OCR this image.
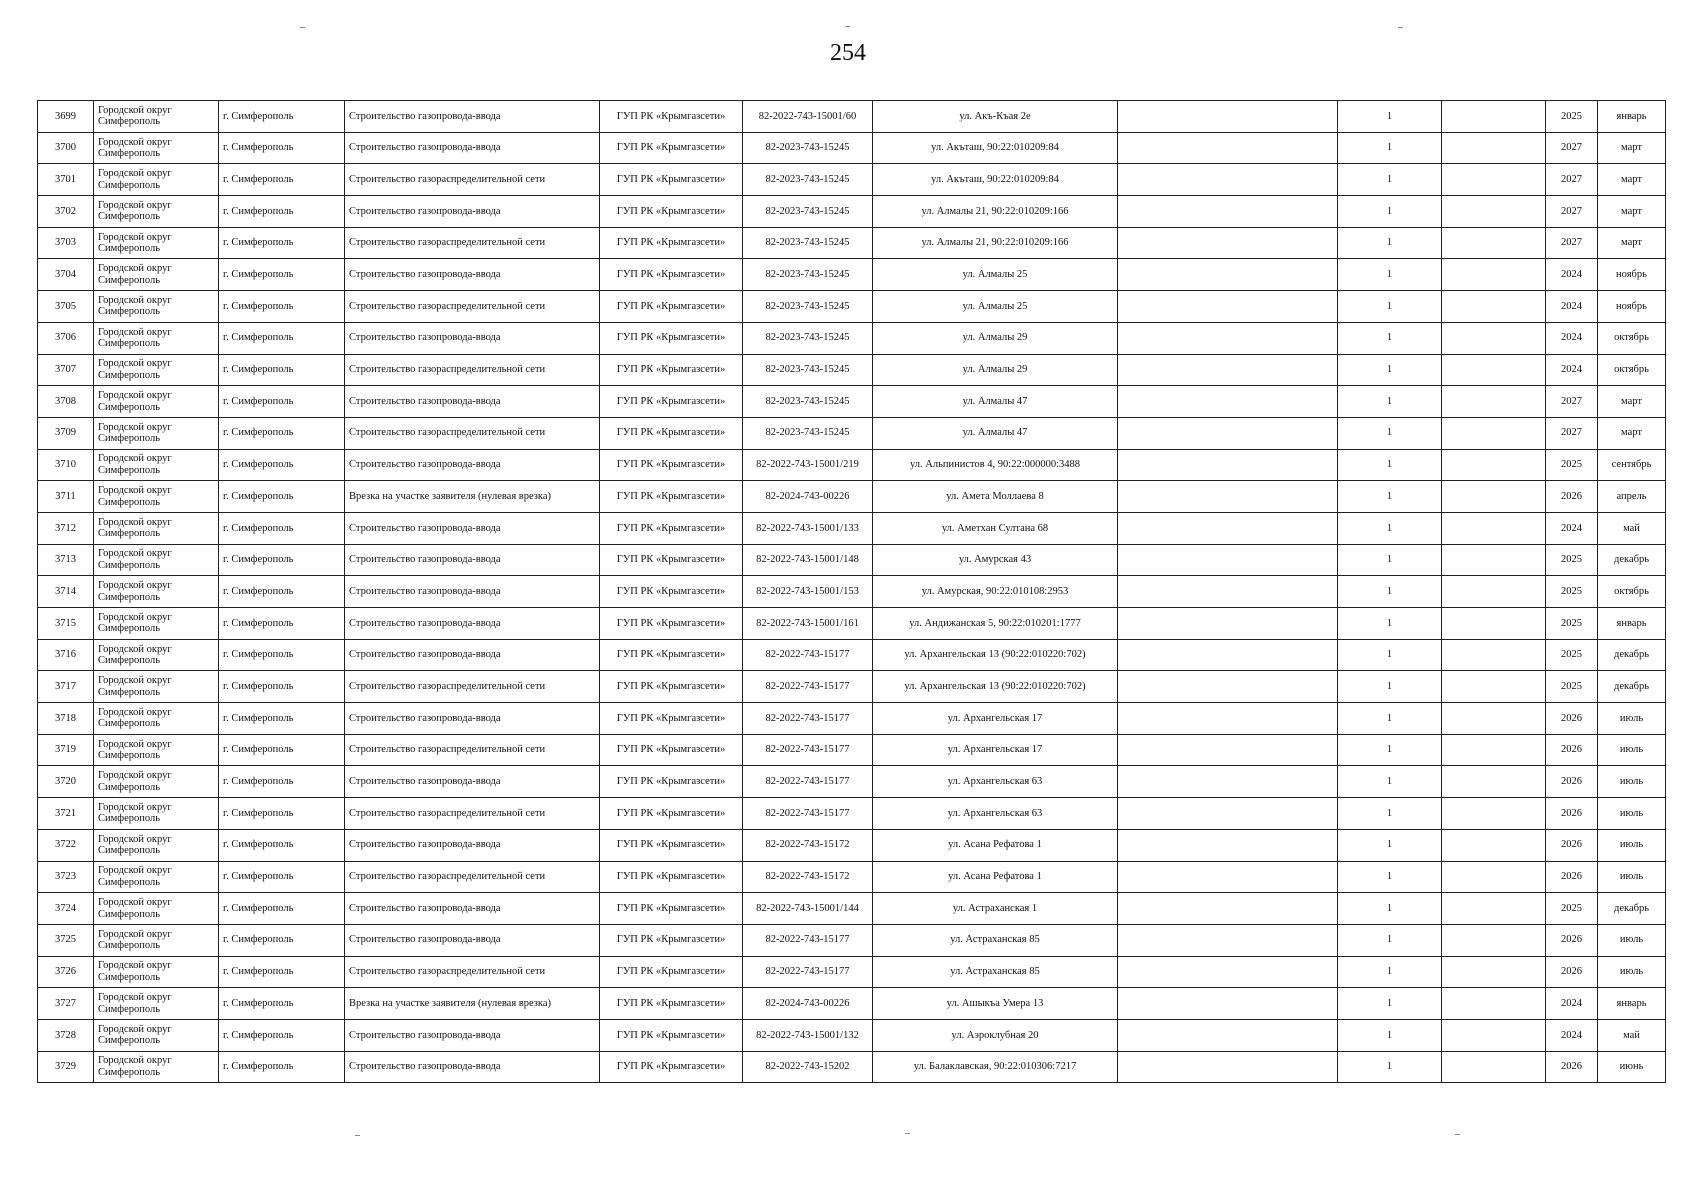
254
3699	Городской округ Симферополь	г. Симферополь	Строительство газопровода-ввода	ГУП РК «Крымгазсети»	82-2022-743-15001/60	ул. Акъ-Къая 2е		1		2025	январь
3700	Городской округ Симферополь	г. Симферополь	Строительство газопровода-ввода	ГУП РК «Крымгазсети»	82-2023-743-15245	ул. Акъташ, 90:22:010209:84		1		2027	март
3701	Городской округ Симферополь	г. Симферополь	Строительство газораспределительной сети	ГУП РК «Крымгазсети»	82-2023-743-15245	ул. Акъташ, 90:22:010209:84		1		2027	март
3702	Городской округ Симферополь	г. Симферополь	Строительство газопровода-ввода	ГУП РК «Крымгазсети»	82-2023-743-15245	ул. Алмалы 21, 90:22:010209:166		1		2027	март
3703	Городской округ Симферополь	г. Симферополь	Строительство газораспределительной сети	ГУП РК «Крымгазсети»	82-2023-743-15245	ул. Алмалы 21, 90:22:010209:166		1		2027	март
3704	Городской округ Симферополь	г. Симферополь	Строительство газопровода-ввода	ГУП РК «Крымгазсети»	82-2023-743-15245	ул. Алмалы 25		1		2024	ноябрь
3705	Городской округ Симферополь	г. Симферополь	Строительство газораспределительной сети	ГУП РК «Крымгазсети»	82-2023-743-15245	ул. Алмалы 25		1		2024	ноябрь
3706	Городской округ Симферополь	г. Симферополь	Строительство газопровода-ввода	ГУП РК «Крымгазсети»	82-2023-743-15245	ул. Алмалы 29		1		2024	октябрь
3707	Городской округ Симферополь	г. Симферополь	Строительство газораспределительной сети	ГУП РК «Крымгазсети»	82-2023-743-15245	ул. Алмалы 29		1		2024	октябрь
3708	Городской округ Симферополь	г. Симферополь	Строительство газопровода-ввода	ГУП РК «Крымгазсети»	82-2023-743-15245	ул. Алмалы 47		1		2027	март
3709	Городской округ Симферополь	г. Симферополь	Строительство газораспределительной сети	ГУП РК «Крымгазсети»	82-2023-743-15245	ул. Алмалы 47		1		2027	март
3710	Городской округ Симферополь	г. Симферополь	Строительство газопровода-ввода	ГУП РК «Крымгазсети»	82-2022-743-15001/219	ул. Альпинистов 4, 90:22:000000:3488		1		2025	сентябрь
3711	Городской округ Симферополь	г. Симферополь	Врезка на участке заявителя (нулевая врезка)	ГУП РК «Крымгазсети»	82-2024-743-00226	ул. Амета Моллаева 8		1		2026	апрель
3712	Городской округ Симферополь	г. Симферополь	Строительство газопровода-ввода	ГУП РК «Крымгазсети»	82-2022-743-15001/133	ул. Аметхан Султана 68		1		2024	май
3713	Городской округ Симферополь	г. Симферополь	Строительство газопровода-ввода	ГУП РК «Крымгазсети»	82-2022-743-15001/148	ул. Амурская 43		1		2025	декабрь
3714	Городской округ Симферополь	г. Симферополь	Строительство газопровода-ввода	ГУП РК «Крымгазсети»	82-2022-743-15001/153	ул. Амурская, 90:22:010108:2953		1		2025	октябрь
3715	Городской округ Симферополь	г. Симферополь	Строительство газопровода-ввода	ГУП РК «Крымгазсети»	82-2022-743-15001/161	ул. Андижанская 5, 90:22:010201:1777		1		2025	январь
3716	Городской округ Симферополь	г. Симферополь	Строительство газопровода-ввода	ГУП РК «Крымгазсети»	82-2022-743-15177	ул. Архангельская 13 (90:22:010220:702)		1		2025	декабрь
3717	Городской округ Симферополь	г. Симферополь	Строительство газораспределительной сети	ГУП РК «Крымгазсети»	82-2022-743-15177	ул. Архангельская 13 (90:22:010220:702)		1		2025	декабрь
3718	Городской округ Симферополь	г. Симферополь	Строительство газопровода-ввода	ГУП РК «Крымгазсети»	82-2022-743-15177	ул. Архангельская 17		1		2026	июль
3719	Городской округ Симферополь	г. Симферополь	Строительство газораспределительной сети	ГУП РК «Крымгазсети»	82-2022-743-15177	ул. Архангельская 17		1		2026	июль
3720	Городской округ Симферополь	г. Симферополь	Строительство газопровода-ввода	ГУП РК «Крымгазсети»	82-2022-743-15177	ул. Архангельская 63		1		2026	июль
3721	Городской округ Симферополь	г. Симферополь	Строительство газораспределительной сети	ГУП РК «Крымгазсети»	82-2022-743-15177	ул. Архангельская 63		1		2026	июль
3722	Городской округ Симферополь	г. Симферополь	Строительство газопровода-ввода	ГУП РК «Крымгазсети»	82-2022-743-15172	ул. Асана Рефатова 1		1		2026	июль
3723	Городской округ Симферополь	г. Симферополь	Строительство газораспределительной сети	ГУП РК «Крымгазсети»	82-2022-743-15172	ул. Асана Рефатова 1		1		2026	июль
3724	Городской округ Симферополь	г. Симферополь	Строительство газопровода-ввода	ГУП РК «Крымгазсети»	82-2022-743-15001/144	ул. Астраханская 1		1		2025	декабрь
3725	Городской округ Симферополь	г. Симферополь	Строительство газопровода-ввода	ГУП РК «Крымгазсети»	82-2022-743-15177	ул. Астраханская 85		1		2026	июль
3726	Городской округ Симферополь	г. Симферополь	Строительство газораспределительной сети	ГУП РК «Крымгазсети»	82-2022-743-15177	ул. Астраханская 85		1		2026	июль
3727	Городской округ Симферополь	г. Симферополь	Врезка на участке заявителя (нулевая врезка)	ГУП РК «Крымгазсети»	82-2024-743-00226	ул. Ашыкъа Умера 13		1		2024	январь
3728	Городской округ Симферополь	г. Симферополь	Строительство газопровода-ввода	ГУП РК «Крымгазсети»	82-2022-743-15001/132	ул. Аэроклубная 20		1		2024	май
3729	Городской округ Симферополь	г. Симферополь	Строительство газопровода-ввода	ГУП РК «Крымгазсети»	82-2022-743-15202	ул. Балаклавская, 90:22:010306:7217		1		2026	июнь
